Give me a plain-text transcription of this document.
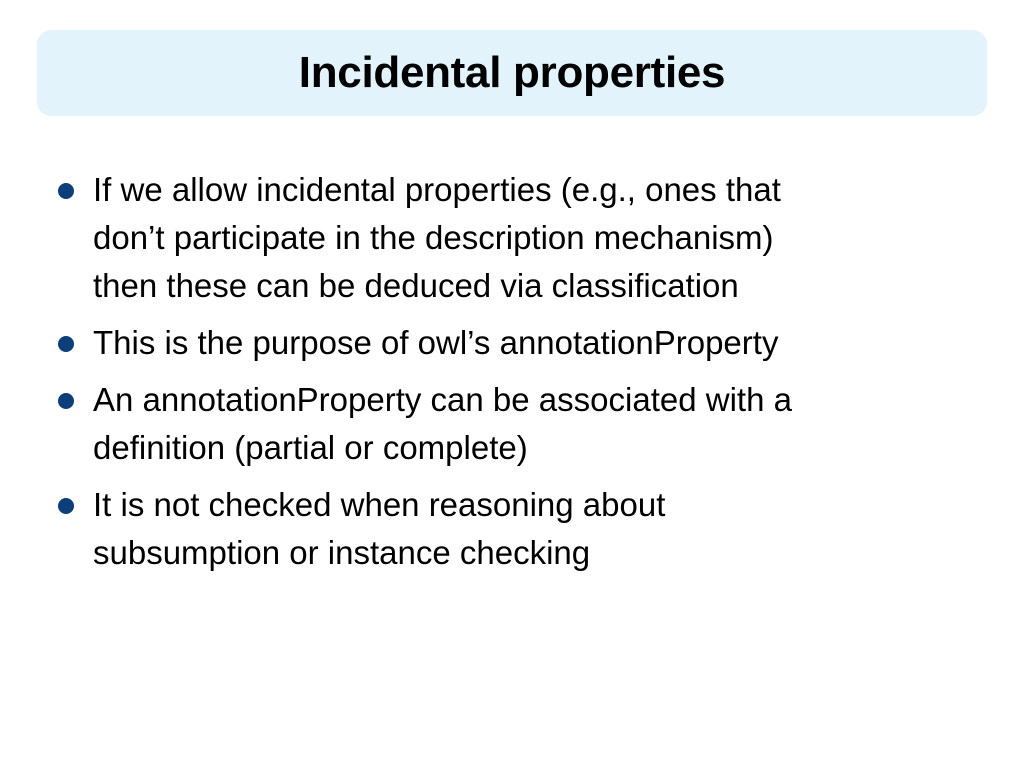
Incidental properties
If we allow incidental properties (e.g., ones that
don’t participate in the description mechanism)
then these can be deduced via classification
This is the purpose of owl’s annotationProperty
An annotationProperty can be associated with a
definition (partial or complete)
It is not checked when reasoning about
subsumption or instance checking
